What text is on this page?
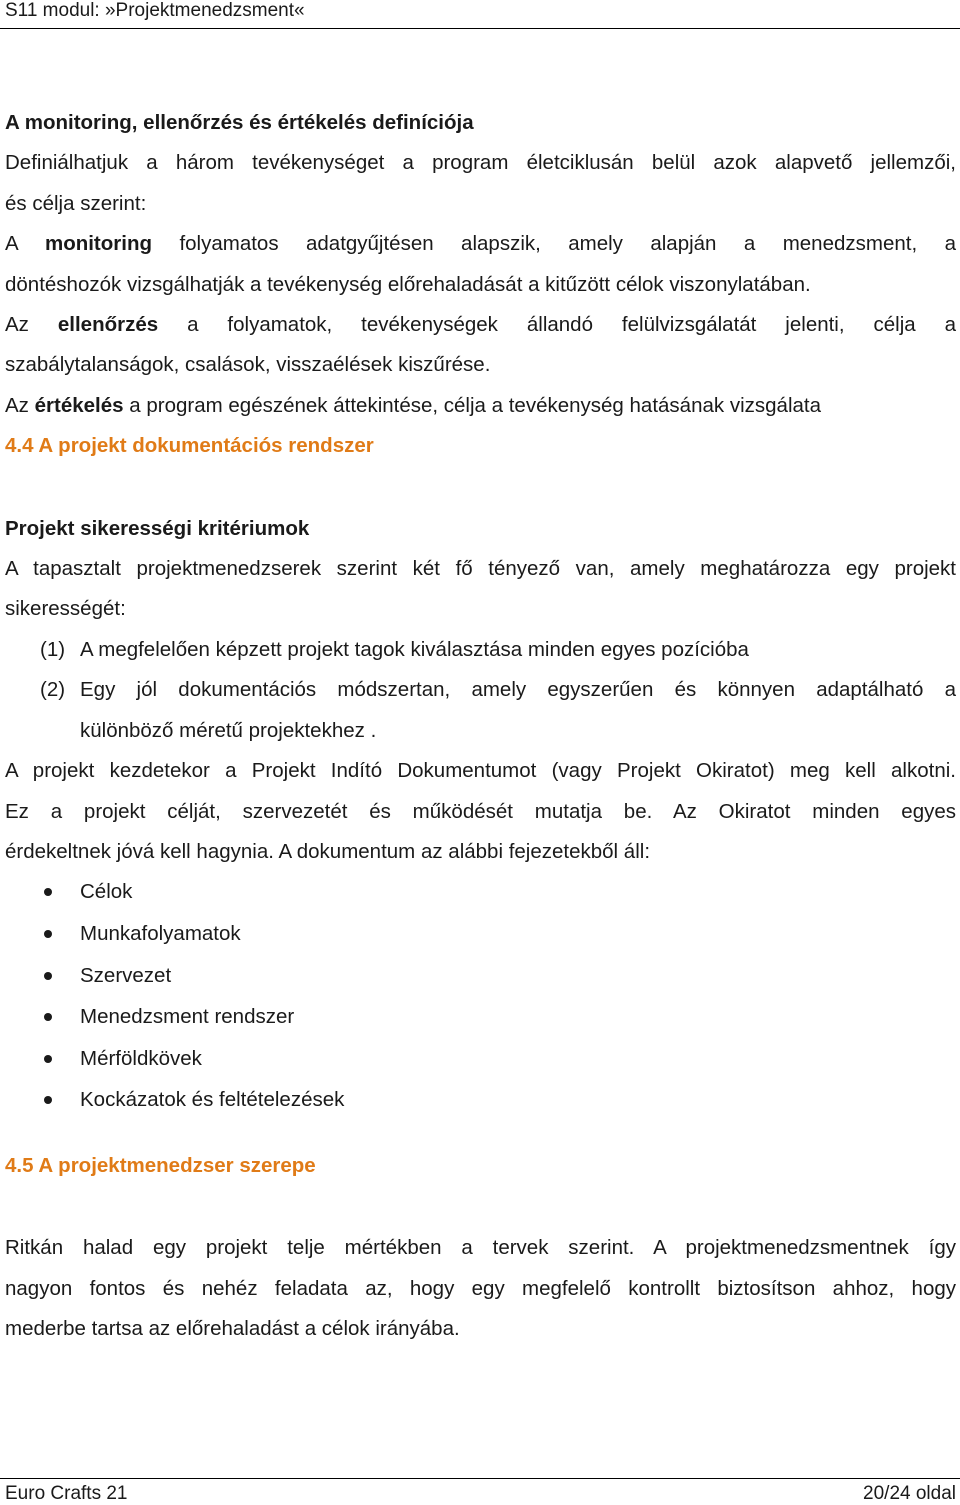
S11 modul: »Projektmenedzsment«

A monitoring, ellenőrzés és értékelés definíciója

Definiálhatjuk a három tevékenységet a program életciklusán belül azok alapvető jellemzői,

és célja szerint:

A monitoring folyamatos adatgyűjtésen alapszik, amely alapján a menedzsment, a

döntéshozók vizsgálhatják a tevékenység előrehaladását a kitűzött célok viszonylatában.

Az ellenőrzés a folyamatok, tevékenységek állandó felülvizsgálatát jelenti, célja a

szabálytalanságok, csalások, visszaélések kiszűrése.

Az értékelés a program egészének áttekintése, célja a tevékenység hatásának vizsgálata

4.4 A projekt dokumentációs rendszer

Projekt sikerességi kritériumok

A tapasztalt projektmenedzserek szerint két fő tényező van, amely meghatározza egy projekt

sikerességét:

(1) A megfelelően képzett projekt tagok kiválasztása minden egyes pozícióba
(2) Egy jól dokumentációs módszertan, amely egyszerűen és könnyen adaptálható a
különböző méretű projektekhez .

A projekt kezdetekor a Projekt Indító Dokumentumot (vagy Projekt Okiratot) meg kell alkotni.

Ez a projekt célját, szervezetét és működését mutatja be. Az Okiratot minden egyes

érdekeltnek jóvá kell hagynia. A dokumentum az alábbi fejezetekből áll:

Célok
Munkafolyamatok
Szervezet
Menedzsment rendszer
Mérföldkövek
Kockázatok és feltételezések

4.5 A projektmenedzser szerepe

Ritkán halad egy projekt telje mértékben a tervek szerint. A projektmenedzsmentnek így

nagyon fontos és nehéz feladata az, hogy egy megfelelő kontrollt biztosítson ahhoz, hogy

mederbe tartsa az előrehaladást a célok irányába.

Euro Crafts 21	20/24 oldal
